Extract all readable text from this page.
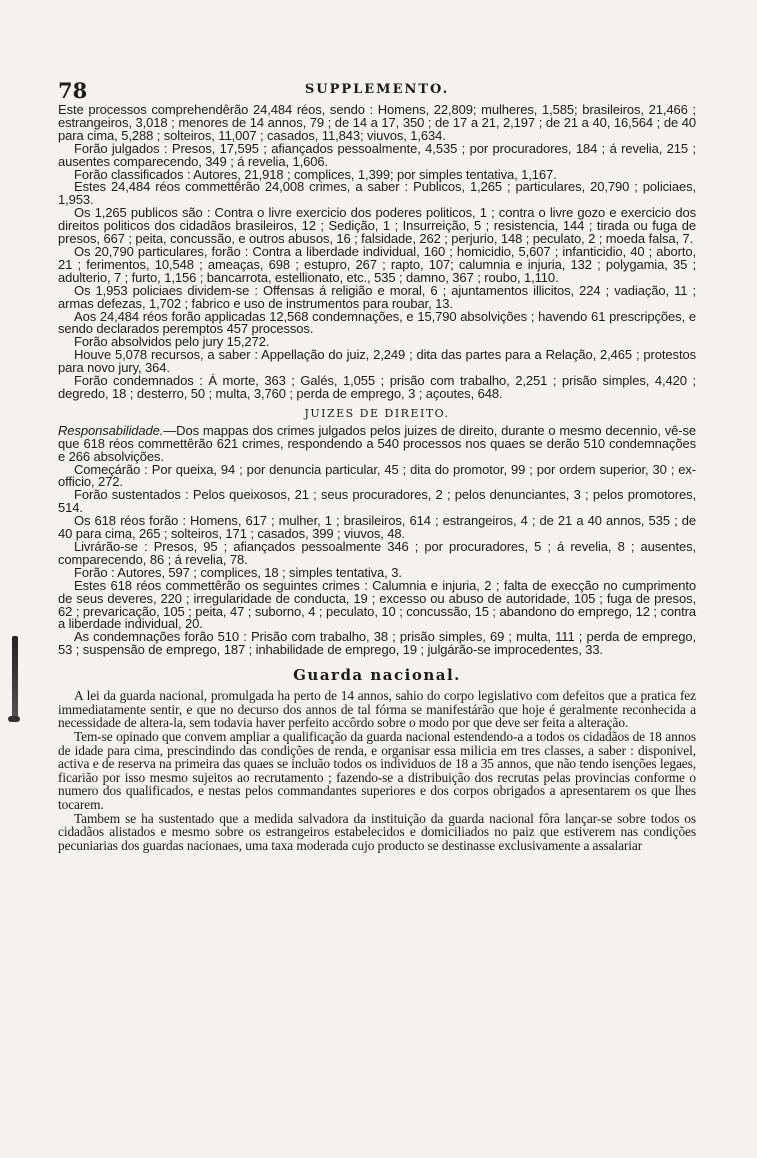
78	SUPPLEMENTO.

Este processos comprehendêrão 24,484 réos, sendo : Homens, 22,809; mulheres, 1,585; brasileiros, 21,466 ; estrangeiros, 3,018 ; menores de 14 annos, 79 ; de 14 a 17, 350 ; de 17 a 21, 2,197 ; de 21 a 40, 16,564 ; de 40 para cima, 5,288 ; solteiros, 11,007 ; casados, 11,843; viuvos, 1,634.

Forão julgados : Presos, 17,595 ; afiançados pessoalmente, 4,535 ; por procuradores, 184 ; á revelia, 215 ; ausentes comparecendo, 349 ; á revelia, 1,606.

Forão classificados : Autores, 21,918 ; complices, 1,399; por simples tentativa, 1,167.

Estes 24,484 réos commettêrão 24,008 crimes, a saber : Publicos, 1,265 ; particulares, 20,790 ; policiaes, 1,953.

Os 1,265 publicos são : Contra o livre exercicio dos poderes politicos, 1 ; contra o livre gozo e exercicio dos direitos politicos dos cidadãos brasileiros, 12 ; Sedição, 1 ; Insurreição, 5 ; resistencia, 144 ; tirada ou fuga de presos, 667 ; peita, concussão, e outros abusos, 16 ; falsidade, 262 ; perjurio, 148 ; peculato, 2 ; moeda falsa, 7.

Os 20,790 particulares, forão : Contra a liberdade individual, 160 ; homicidio, 5,607 ; infanticidio, 40 ; aborto, 21 ; ferimentos, 10,548 ; ameaças, 698 ; estupro, 267 ; rapto, 107; calumnia e injuria, 132 ; polygamia, 35 ; adulterio, 7 ; furto, 1,156 ; bancarrota, estellionato, etc., 535 ; damno, 367 ; roubo, 1,110.

Os 1,953 policiaes dividem-se : Offensas á religião e moral, 6 ; ajuntamentos illicitos, 224 ; vadiação, 11 ; armas defezas, 1,702 ; fabrico e uso de instrumentos para roubar, 13.

Aos 24,484 réos forão applicadas 12,568 condemnações, e 15,790 absolvições ; havendo 61 prescripções, e sendo declarados peremptos 457 processos.

Forão absolvidos pelo jury 15,272.

Houve 5,078 recursos, a saber : Appellação do juiz, 2,249 ; dita das partes para a Relação, 2,465 ; protestos para novo jury, 364.

Forão condemnados : Á morte, 363 ; Galés, 1,055 ; prisão com trabalho, 2,251 ; prisão simples, 4,420 ; degredo, 18 ; desterro, 50 ; multa, 3,760 ; perda de emprego, 3 ; açoutes, 648.

JUIZES DE DIREITO.

Responsabilidade.—Dos mappas dos crimes julgados pelos juizes de direito, durante o mesmo decennio, vê-se que 618 réos commettêrão 621 crimes, respondendo a 540 processos nos quaes se derão 510 condemnações e 266 absolvições.

Começárão : Por queixa, 94 ; por denuncia particular, 45 ; dita do promotor, 99 ; por ordem superior, 30 ; ex-officio, 272.

Forão sustentados : Pelos queixosos, 21 ; seus procuradores, 2 ; pelos denunciantes, 3 ; pelos promotores, 514.

Os 618 réos forão : Homens, 617 ; mulher, 1 ; brasileiros, 614 ; estrangeiros, 4 ; de 21 a 40 annos, 535 ; de 40 para cima, 265 ; solteiros, 171 ; casados, 399 ; viuvos, 48.

Livrárão-se : Presos, 95 ; afiançados pessoalmente 346 ; por procuradores, 5 ; á revelia, 8 ; ausentes, comparecendo, 86 ; á revelia, 78.

Forão : Autores, 597 ; complices, 18 ; simples tentativa, 3.

Estes 618 réos commettêrão os seguintes crimes : Calumnia e injuria, 2 ; falta de execção no cumprimento de seus deveres, 220 ; irregularidade de conducta, 19 ; excesso ou abuso de autoridade, 105 ; fuga de presos, 62 ; prevaricação, 105 ; peita, 47 ; suborno, 4 ; peculato, 10 ; concussão, 15 ; abandono do emprego, 12 ; contra a liberdade individual, 20.

As condemnações forão 510 : Prisão com trabalho, 38 ; prisão simples, 69 ; multa, 111 ; perda de emprego, 53 ; suspensão de emprego, 187 ; inhabilidade de emprego, 19 ; julgárão-se improcedentes, 33.

Guarda nacional.

A lei da guarda nacional, promulgada ha perto de 14 annos, sahio do corpo legislativo com defeitos que a pratica fez immediatamente sentir, e que no decurso dos annos de tal fórma se manifestárão que hoje é geralmente reconhecida a necessidade de altera-la, sem todavia haver perfeito accôrdo sobre o modo por que deve ser feita a alteração.

Tem-se opinado que convem ampliar a qualificação da guarda nacional estendendo-a a todos os cidadãos de 18 annos de idade para cima, prescindindo das condições de renda, e organisar essa milicia em tres classes, a saber : disponivel, activa e de reserva na primeira das quaes se incluão todos os individuos de 18 a 35 annos, que não tendo isenções legaes, ficarião por isso mesmo sujeitos ao recrutamento ; fazendo-se a distribuição dos recrutas pelas provincias conforme o numero dos qualificados, e nestas pelos commandantes superiores e dos corpos obrigados a apresentarem os que lhes tocarem.

Tambem se ha sustentado que a medida salvadora da instituição da guarda nacional fôra lançar-se sobre todos os cidadãos alistados e mesmo sobre os estrangeiros estabelecidos e domiciliados no paiz que estiverem nas condições pecuniarias dos guardas nacionaes, uma taxa moderada cujo producto se destinasse exclusivamente a assalariar
